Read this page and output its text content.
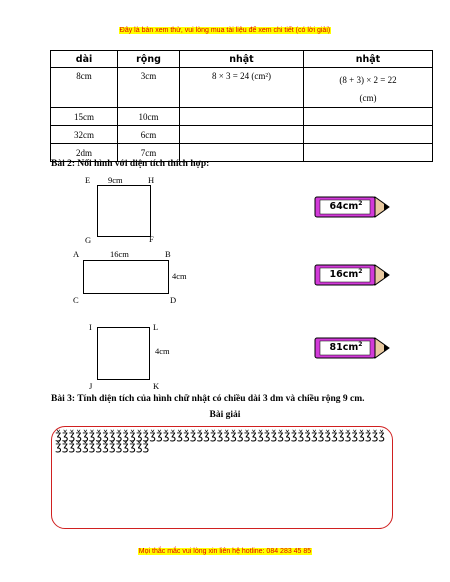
Đây là bản xem thử, vui lòng mua tài liệu để xem chi tiết (có lời giải)
dài	rộng	nhật	nhật
8cm	3cm	8 × 3 = 24 (cm²)	(8 + 3) × 2 = 22
(cm)

15cm	10cm		
32cm	6cm		
2dm	7cm		
Bài 2: Nối hình với diện tích thích hợp:
E 9cm	H
G	F
A	16cm	B
4cm
C	D
I	L
4cm
J	K
$64cm^2$
$16cm^2$
$81cm^2$
Bài 3: Tính diện tích của hình chữ nhật có chiều dài 3 dm và chiều rộng 9 cm.
Bài giải
ǯǯǯǯǯǯǯǯǯǯǯǯǯǯǯǯǯǯǯǯǯǯǯǯǯǯǯǯǯǯǯǯǯǯǯǯǯǯǯǯǯǯǯǯǯǯǯǯǯǯǯǯǯǯǯǯǯǯǯǯǯǯǯ
Mọi thắc mắc vui lòng xin liên hệ hotline: 084 283 45 85
